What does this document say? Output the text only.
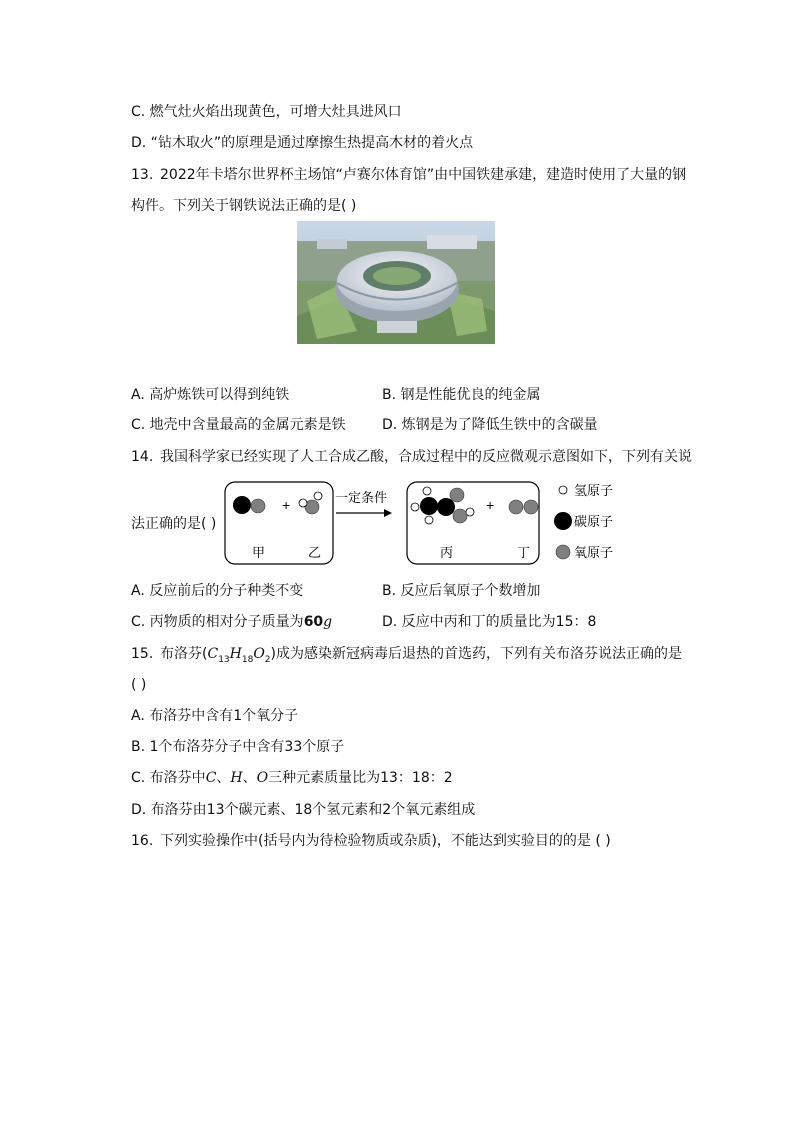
C. 燃气灶火焰出现黄色，可增大灶具进风口
D. “钻木取火”的原理是通过摩擦生热提高木材的着火点
13. 2022年卡塔尔世界杯主场馆“卢赛尔体育馆”由中国铁建承建，建造时使用了大量的钢
构件。下列关于钢铁说法正确的是( )
A. 高炉炼铁可以得到纯铁	B. 钢是性能优良的纯金属
C. 地壳中含量最高的金属元素是铁	D. 炼钢是为了降低生铁中的含碳量
14. 我国科学家已经实现了人工合成乙酸，合成过程中的反应微观示意图如下，下列有关说
法正确的是( )
+
甲	乙
一定条件	+
丙	丁
氢原子
碳原子
氧原子
A. 反应前后的分子种类不变	B. 反应后氧原子个数增加
C. 丙物质的相对分子质量为60g	D. 反应中丙和丁的质量比为15：8
15. 布洛芬$(C_{13}H_{18}O_2)$成为感染新冠病毒后退热的首选药，下列有关布洛芬说法正确的是
( )
A. 布洛芬中含有1个氧分子
B. 1个布洛芬分子中含有33个原子
C. 布洛芬中C、H、O三种元素质量比为13：18：2
D. 布洛芬由13个碳元素、18个氢元素和2个氧元素组成
16. 下列实验操作中(括号内为待检验物质或杂质)，不能达到实验目的的是 ( )
